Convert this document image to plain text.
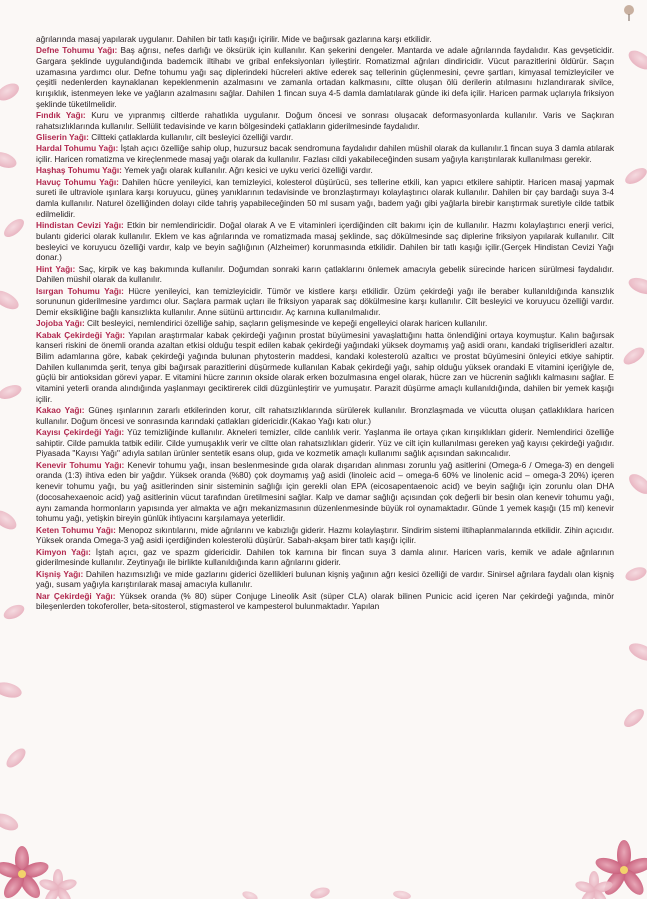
ağrılarında masaj yapılarak uygulanır. Dahilen bir tatlı kaşığı içirilir. Mide ve bağırsak gazlarına karşı etkilidir.

Defne Tohumu Yağı: Baş ağrısı, nefes darlığı ve öksürük için kullanılır. Kan şekerini dengeler. Mantarda ve adale ağrılarında faydalıdır. Kas gevşeticidir. Gargara şeklinde uygulandığında bademcik iltihabı ve gribal enfeksiyonları iyileştirir. Romatizmal ağrıları dindiricidir. Vücut parazitlerini öldürür. Saçın uzamasına yardımcı olur. Defne tohumu yağı saç diplerindeki hücreleri aktive ederek saç tellerinin güçlenmesini, çevre şartları, kimyasal temizleyiciler ve çeşitli nedenlerden kaynaklanan kepeklenmenin azalmasını ve zamanla ortadan kalkmasını, ciltte oluşan ölü derilerin atılmasını hızlandırarak sivilce, kırışıklık, istenmeyen leke ve yağların azalmasını sağlar. Dahilen 1 fincan suya 4-5 damla damlatılarak günde iki defa içilir. Haricen parmak uçlarıyla friksiyon şeklinde tüketilmelidir.

Fındık Yağı: Kuru ve yıpranmış ciltlerde rahatlıkla uygulanır. Doğum öncesi ve sonrası oluşacak deformasyonlarda kullanılır. Varis ve Saçkıran rahatsızlıklarında kullanılır. Sellülit tedavisinde ve karın bölgesindeki çatlakların giderilmesinde faydalıdır.

Gliserin Yağı: Ciltteki çatlaklarda kullanılır, cilt besleyici özelliği vardır.

Hardal Tohumu Yağı: İştah açıcı özelliğe sahip olup, huzursuz bacak sendromuna faydalıdır dahilen müshil olarak da kullanılır.1 fincan suya 3 damla atılarak içilir. Haricen romatizma ve kireçlenmede masaj yağı olarak da kullanılır. Fazlası cildi yakabileceğinden susam yağıyla karıştırılarak kullanılması gerekir.

Haşhaş Tohumu Yağı: Yemek yağı olarak kullanılır. Ağrı kesici ve uyku verici özelliği vardır.

Havuç Tohumu Yağı: Dahilen hücre yenileyici, kan temizleyici, kolesterol düşürücü, ses tellerine etkili, kan yapıcı etkilere sahiptir. Haricen masaj yapmak sureti ile ultraviole ışınlara karşı koruyucu, güneş yanıklarının tedavisinde ve bronzlaştırmayı kolaylaştırıcı olarak kullanılır. Dahilen bir çay bardağı suya 3-4 damla kullanılır. Naturel özelliğinden dolayı cilde tahriş yapabileceğinden 50 ml susam yağı, badem yağı gibi yağlarla birebir karıştırmak suretiyle cilde tatbik edilmelidir.

Hindistan Cevizi Yağı: Etkin bir nemlendiricidir. Doğal olarak A ve E vitaminleri içerdiğinden cilt bakımı için de kullanılır. Hazmı kolaylaştırıcı enerji verici, bulantı giderici olarak kullanılır. Eklem ve kas ağrılarında ve romatizmada masaj şeklinde, saç dökülmesinde saç diplerine friksiyon yapılarak kullanılır. Cilt besleyici ve koruyucu özelliği vardır, kalp ve beyin sağlığının (Alzheimer) korunmasında etkilidir. Dahilen bir tatlı kaşığı içilir.(Gerçek Hindistan Cevizi Yağı donar.)

Hint Yağı: Saç, kirpik ve kaş bakımında kullanılır. Doğumdan sonraki karın çatlaklarını önlemek amacıyla gebelik sürecinde haricen sürülmesi faydalıdır. Dahilen müshil olarak da kullanılır.

Isırgan Tohumu Yağı: Hücre yenileyici, kan temizleyicidir. Tümör ve kistlere karşı etkilidir. Üzüm çekirdeği yağı ile beraber kullanıldığında kansızlık sorununun giderilmesine yardımcı olur. Saçlara parmak uçları ile friksiyon yaparak saç dökülmesine karşı kullanılır. Cilt besleyici ve koruyucu özelliği vardır. Demir eksikliğine bağlı kansızlıkta kullanılır. Anne sütünü arttırıcıdır. Aç karnına kullanılmalıdır.

Jojoba Yağı: Cilt besleyici, nemlendirici özelliğe sahip, saçların gelişmesinde ve kepeği engelleyici olarak haricen kullanılır.

Kabak Çekirdeği Yağı: Yapılan araştırmalar kabak çekirdeği yağının prostat büyümesini yavaşlattığını hatta önlendiğini ortaya koymuştur. Kalın bağırsak kanseri riskini de önemli oranda azaltan etkisi olduğu tespit edilen kabak çekirdeği yağındaki yüksek doymamış yağ asidi oranı, kandaki trigliseridleri azaltır. Bilim adamlarına göre, kabak çekirdeği yağında bulunan phytosterin maddesi, kandaki kolesterolü azaltıcı ve prostat büyümesini önleyici etkiye sahiptir. Dahilen kullanımda şerit, tenya gibi bağırsak parazitlerini düşürmede kullanılan Kabak çekirdeği yağı, sahip olduğu yüksek orandaki E vitamini içeriğiyle de, güçlü bir antioksidan görevi yapar. E vitamini hücre zarının okside olarak erken bozulmasına engel olarak, hücre zarı ve hücrenin sağlıklı kalmasını sağlar. E vitamini yeterli oranda alındığında yaşlanmayı geciktirerek cildi düzgünleştirir ve yumuşatır. Parazit düşürme amaçlı kullanıldığında, dahilen bir yemek kaşığı içilir.

Kakao Yağı: Güneş ışınlarının zararlı etkilerinden korur, cilt rahatsızlıklarında sürülerek kullanılır. Bronzlaşmada ve vücutta oluşan çatlaklıklara haricen kullanılır. Doğum öncesi ve sonrasında karındaki çatlakları gidericidir.(Kakao Yağı katı olur.)

Kayısı Çekirdeği Yağı: Yüz temizliğinde kullanılır. Akneleri temizler, cilde canlılık verir. Yaşlanma ile ortaya çıkan kırışıklıkları giderir. Nemlendirici özelliğe sahiptir. Cilde pamukla tatbik edilir. Cilde yumuşaklık verir ve ciltte olan rahatsızlıkları giderir. Yüz ve cilt için kullanılması gereken yağ kayısı çekirdeği yağıdır. Piyasada "Kayısı Yağı" adıyla satılan ürünler sentetik esans olup, gıda ve kozmetik amaçlı kullanımı sağlık açısından sakıncalıdır.

Kenevir Tohumu Yağı: Kenevir tohumu yağı, insan beslenmesinde gıda olarak dışarıdan alınması zorunlu yağ asitlerini (Omega-6 / Omega-3) en dengeli oranda (1:3) ihtiva eden bir yağdır. Yüksek oranda (%80) çok doymamış yağ asidi (linoleic acid – omega-6 60% ve linolenic acid – omega-3 20%) içeren kenevir tohumu yağı, bu yağ asitlerinden sinir sisteminin sağlığı için gerekli olan EPA (eicosapentaenoic acid) ve beyin sağlığı için zorunlu olan DHA (docosahexaenoic acid) yağ asitlerinin vücut tarafından üretilmesini sağlar. Kalp ve damar sağlığı açısından çok değerli bir besin olan kenevir tohumu yağı, aynı zamanda hormonların yapısında yer almakta ve ağrı mekanizmasının düzenlenmesinde büyük rol oynamaktadır. Günde 1 yemek kaşığı (15 ml) kenevir tohumu yağı, yetişkin bireyin günlük ihtiyacını karşılamaya yeterlidir.

Keten Tohumu Yağı: Menopoz sıkıntılarını, mide ağrılarını ve kabızlığı giderir. Hazmı kolaylaştırır. Sindirim sistemi iltihaplanmalarında etkilidir. Zihin açıcıdır. Yüksek oranda Omega-3 yağ asidi içerdiğinden kolesterolü düşürür. Sabah-akşam birer tatlı kaşığı içilir.

Kimyon Yağı: İştah açıcı, gaz ve spazm gidericidir. Dahilen tok karnına bir fincan suya 3 damla alınır. Haricen varis, kemik ve adale ağrılarının giderilmesinde kullanılır. Zeytinyağı ile birlikte kullanıldığında karın ağrılarını giderir.

Kişniş Yağı: Dahilen hazımsızlığı ve mide gazlarını giderici özellikleri bulunan kişniş yağının ağrı kesici özelliği de vardır. Sinirsel ağrılara faydalı olan kişniş yağı, susam yağıyla karıştırılarak masaj amacıyla kullanılır.

Nar Çekirdeği Yağı: Yüksek oranda (% 80) süper Conjuge Lineolik Asit (süper CLA) olarak bilinen Punicic acid içeren Nar çekirdeği yağında, minör bileşenlerden tokoferoller, beta-sitosterol, stigmasterol ve kampesterol bulunmaktadır. Yapılan
